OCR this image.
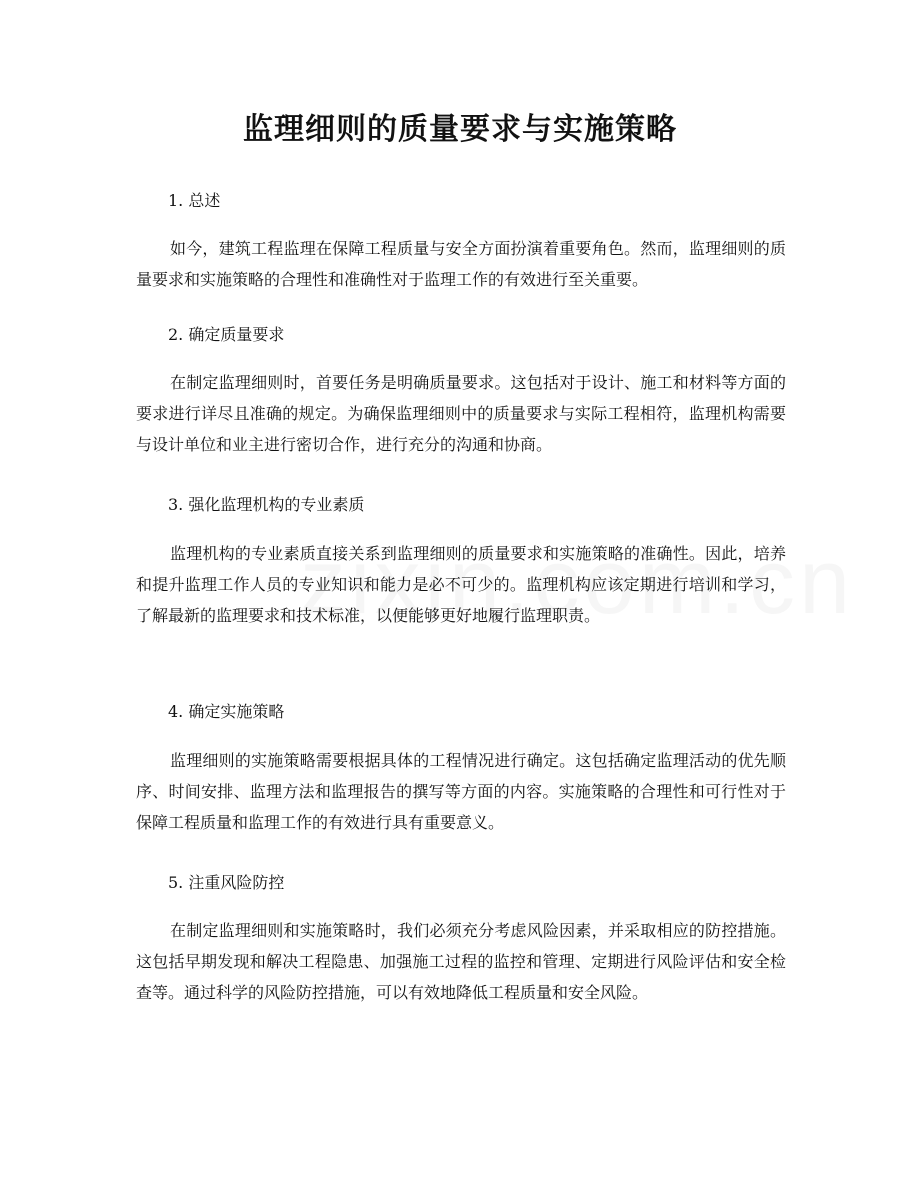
监理细则的质量要求与实施策略
1. 总述

如今，建筑工程监理在保障工程质量与安全方面扮演着重要角色。然而，监理细则的质量要求和实施策略的合理性和准确性对于监理工作的有效进行至关重要。

2. 确定质量要求

在制定监理细则时，首要任务是明确质量要求。这包括对于设计、施工和材料等方面的要求进行详尽且准确的规定。为确保监理细则中的质量要求与实际工程相符，监理机构需要与设计单位和业主进行密切合作，进行充分的沟通和协商。

3. 强化监理机构的专业素质

监理机构的专业素质直接关系到监理细则的质量要求和实施策略的准确性。因此，培养和提升监理工作人员的专业知识和能力是必不可少的。监理机构应该定期进行培训和学习，了解最新的监理要求和技术标准，以便能够更好地履行监理职责。

4. 确定实施策略

监理细则的实施策略需要根据具体的工程情况进行确定。这包括确定监理活动的优先顺序、时间安排、监理方法和监理报告的撰写等方面的内容。实施策略的合理性和可行性对于保障工程质量和监理工作的有效进行具有重要意义。

5. 注重风险防控

在制定监理细则和实施策略时，我们必须充分考虑风险因素，并采取相应的防控措施。这包括早期发现和解决工程隐患、加强施工过程的监控和管理、定期进行风险评估和安全检查等。通过科学的风险防控措施，可以有效地降低工程质量和安全风险。
